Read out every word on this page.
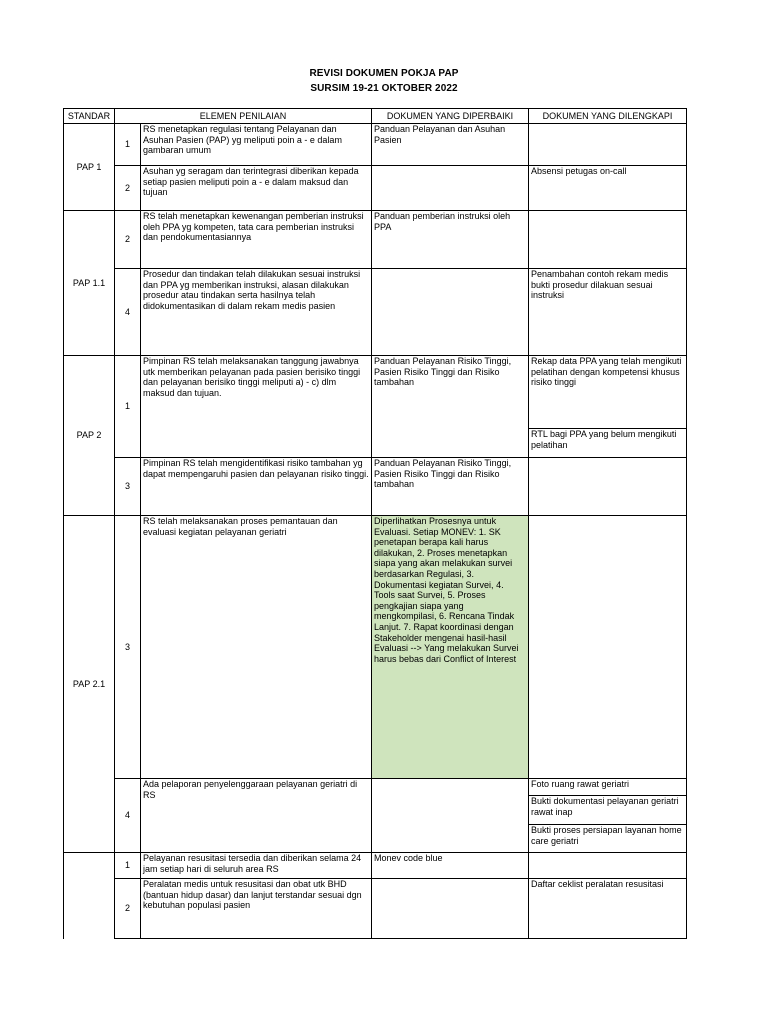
REVISI DOKUMEN POKJA PAP
SURSIM 19-21 OKTOBER 2022
STANDAR	ELEMEN PENILAIAN		DOKUMEN YANG DIPERBAIKI	DOKUMEN YANG DILENGKAPI
PAP 1	1	RS menetapkan regulasi tentang Pelayanan dan Asuhan Pasien (PAP) yg meliputi poin a - e dalam gambaran umum	Panduan Pelayanan dan Asuhan Pasien	
	2	Asuhan yg seragam dan terintegrasi diberikan kepada setiap pasien meliputi poin a - e dalam maksud dan tujuan		Absensi petugas on-call
PAP 1.1	2	RS telah menetapkan kewenangan pemberian instruksi oleh PPA yg kompeten, tata cara pemberian instruksi dan pendokumentasiannya	Panduan pemberian instruksi oleh PPA	
	4	Prosedur dan tindakan telah dilakukan sesuai instruksi dan PPA yg memberikan instruksi, alasan dilakukan prosedur atau tindakan serta hasilnya telah didokumentasikan di dalam rekam medis pasien		Penambahan contoh rekam medis bukti prosedur dilakuan sesuai instruksi
PAP 2	1	Pimpinan RS telah melaksanakan tanggung jawabnya utk memberikan pelayanan pada pasien berisiko tinggi dan pelayanan berisiko tinggi meliputi a) - c) dlm maksud dan tujuan.	Panduan Pelayanan Risiko Tinggi, Pasien Risiko Tinggi dan Risiko tambahan	Rekap data PPA yang telah mengikuti pelatihan dengan kompetensi khusus risiko tinggi
				RTL bagi PPA yang belum mengikuti pelatihan
	3	Pimpinan RS telah mengidentifikasi risiko tambahan yg dapat mempengaruhi pasien dan pelayanan risiko tinggi.	Panduan Pelayanan Risiko Tinggi, Pasien Risiko Tinggi dan Risiko tambahan	
PAP 2.1	3	RS telah melaksanakan proses pemantauan dan evaluasi kegiatan pelayanan geriatri	Diperlihatkan Prosesnya untuk Evaluasi. Setiap MONEV: 1. SK penetapan berapa kali harus dilakukan, 2. Proses menetapkan siapa yang akan melakukan survei berdasarkan Regulasi, 3. Dokumentasi kegiatan Survei, 4. Tools saat Survei, 5. Proses pengkajian siapa yang mengkompilasi, 6. Rencana Tindak Lanjut. 7. Rapat koordinasi dengan Stakeholder mengenai hasil-hasil Evaluasi --> Yang melakukan Survei harus bebas dari Conflict of Interest	
	4	Ada pelaporan penyelenggaraan pelayanan geriatri di RS		Foto ruang rawat geriatri
				Bukti dokumentasi pelayanan geriatri rawat inap
				Bukti proses persiapan layanan home care geriatri
	1	Pelayanan resusitasi tersedia dan diberikan selama 24 jam setiap hari di seluruh area RS	Monev code blue	
	2	Peralatan medis untuk resusitasi dan obat utk BHD (bantuan hidup dasar) dan lanjut terstandar sesuai dgn kebutuhan populasi pasien		Daftar ceklist peralatan resusitasi
